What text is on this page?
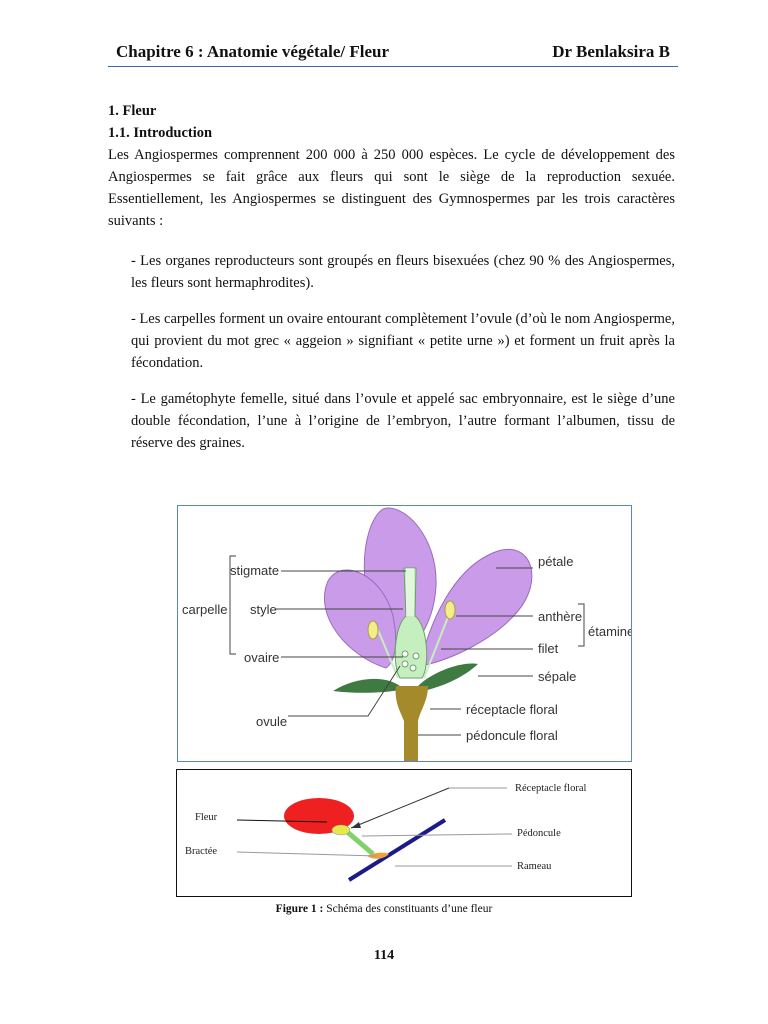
Chapitre 6 : Anatomie végétale/ Fleur	Dr Benlaksira B

1. Fleur

1.1. Introduction

Les Angiospermes comprennent 200 000 à 250 000 espèces. Le cycle de développement des Angiospermes se fait grâce aux fleurs qui sont le siège de la reproduction sexuée. Essentiellement, les Angiospermes se distinguent des Gymnospermes par les trois caractères suivants :

- Les organes reproducteurs sont groupés en fleurs bisexuées (chez 90 % des Angiospermes, les fleurs sont hermaphrodites).

- Les carpelles forment un ovaire entourant complètement l’ovule (d’où le nom Angiosperme, qui provient du mot grec « aggeion » signifiant « petite urne ») et forment un fruit après la fécondation.

- Le gamétophyte femelle, situé dans l’ovule et appelé sac embryonnaire, est le siège d’une double fécondation, l’une à l’origine de l’embryon, l’autre formant l’albumen, tissu de réserve des graines.

stigmate
carpelle style
ovaire
ovule
pétale
anthère
étamine
filet
sépale
réceptacle floral
pédoncule floral
Réceptacle floral
Pédoncule
Rameau
Fleur
Bractée
Figure 1 : Schéma des constituants d’une fleur
114
